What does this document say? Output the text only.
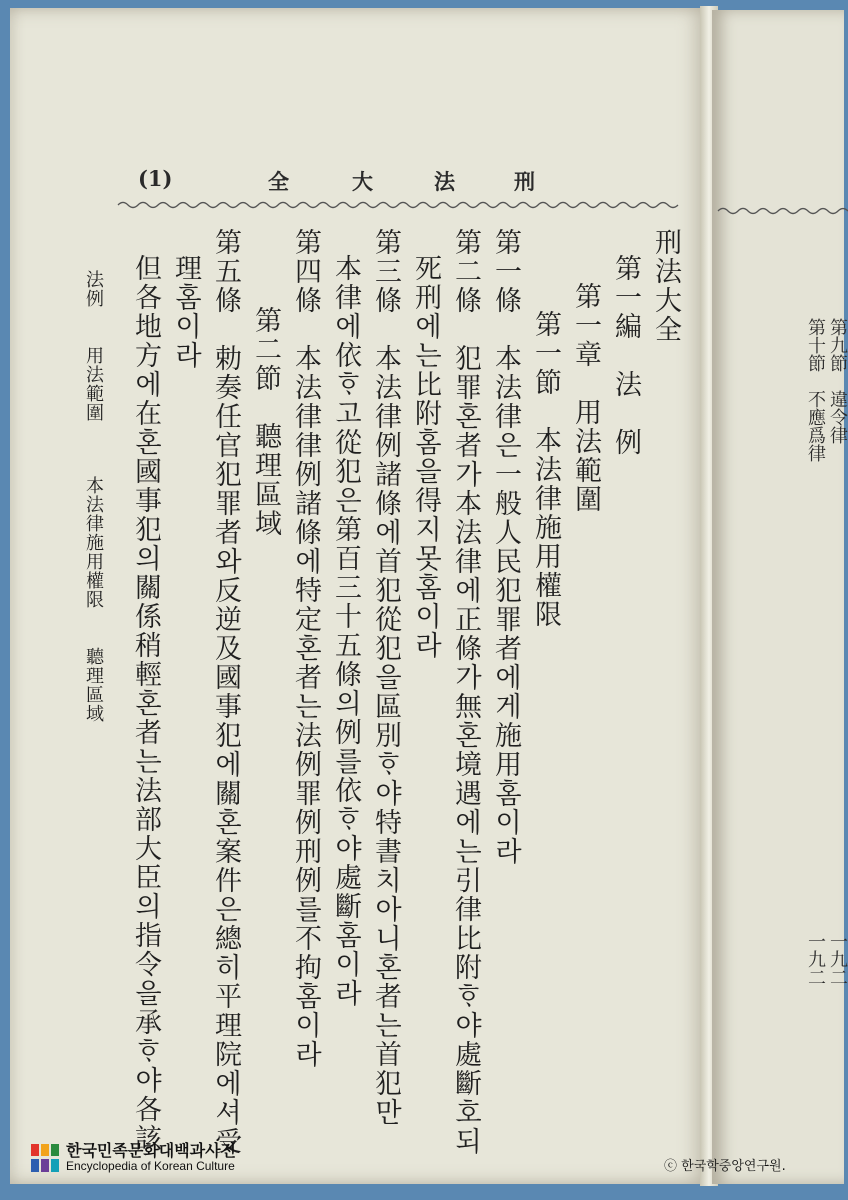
(1)	全	大	法	刑
刑法大全
第一編　法　例
第一章　用法範圍
第一節　本法律施用權限
第一條　本法律은一般人民犯罪者에게施用홈이라
第二條　犯罪혼者가本法律에正條가無혼境遇에는引律比附ᄒᆞ야處斷호되
死刑에는比附홈을得지못홈이라
第三條　本法律例諸條에首犯從犯을區別ᄒᆞ야特書치아니혼者는首犯만
本律에依ᄒᆞ고從犯은第百三十五條의例를依ᄒᆞ야處斷홈이라
第四條　本法律律例諸條에特定혼者는法例罪例刑例를不拘홈이라
第二節　聽理區域
第五條　勅奏任官犯罪者와反逆及國事犯에關혼案件은總히平理院에셔受
理홈이라
但各地方에在혼國事犯의關係稍輕혼者는法部大臣의指令을承ᄒᆞ야各該
本法律施用權限　　聽理區域
法例　　用法範圍	第十節　不應爲律 第九節　違令律
一九二 一九二
한국민족문화대백과사전
Encyclopedia of Korean Culture	ⓒ 한국학중앙연구원.
